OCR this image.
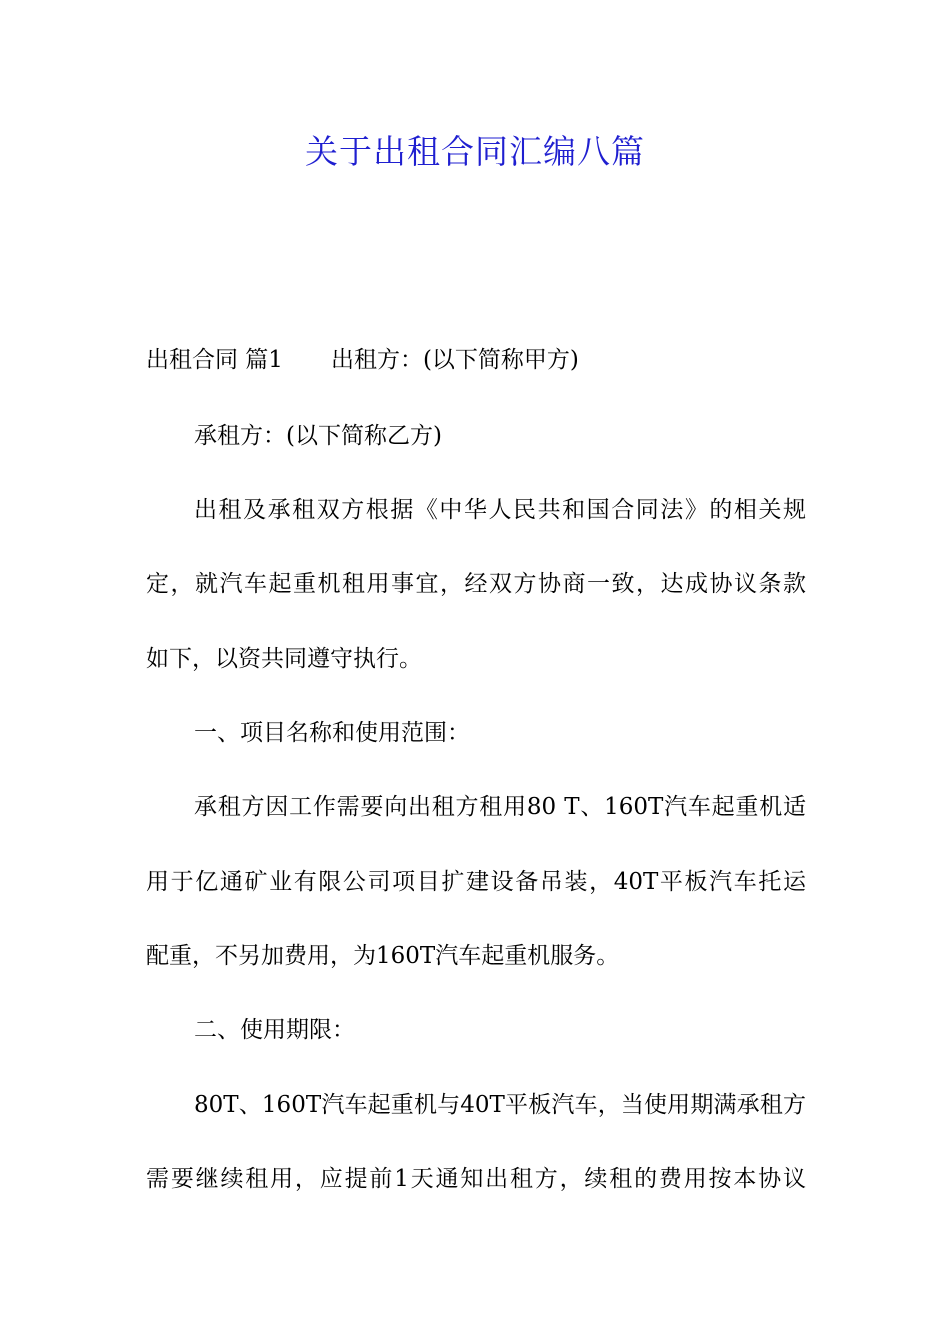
关于出租合同汇编八篇

出租合同 篇1 出租方：(以下简称甲方)

承租方：(以下简称乙方)

出租及承租双方根据《中华人民共和国合同法》的相关规

定，就汽车起重机租用事宜，经双方协商一致，达成协议条款

如下，以资共同遵守执行。

一、项目名称和使用范围：

承租方因工作需要向出租方租用80 T、160T汽车起重机适

用于亿通矿业有限公司项目扩建设备吊装，40T平板汽车托运

配重，不另加费用，为160T汽车起重机服务。

二、使用期限：

80T、160T汽车起重机与40T平板汽车，当使用期满承租方

需要继续租用，应提前1天通知出租方，续租的费用按本协议
